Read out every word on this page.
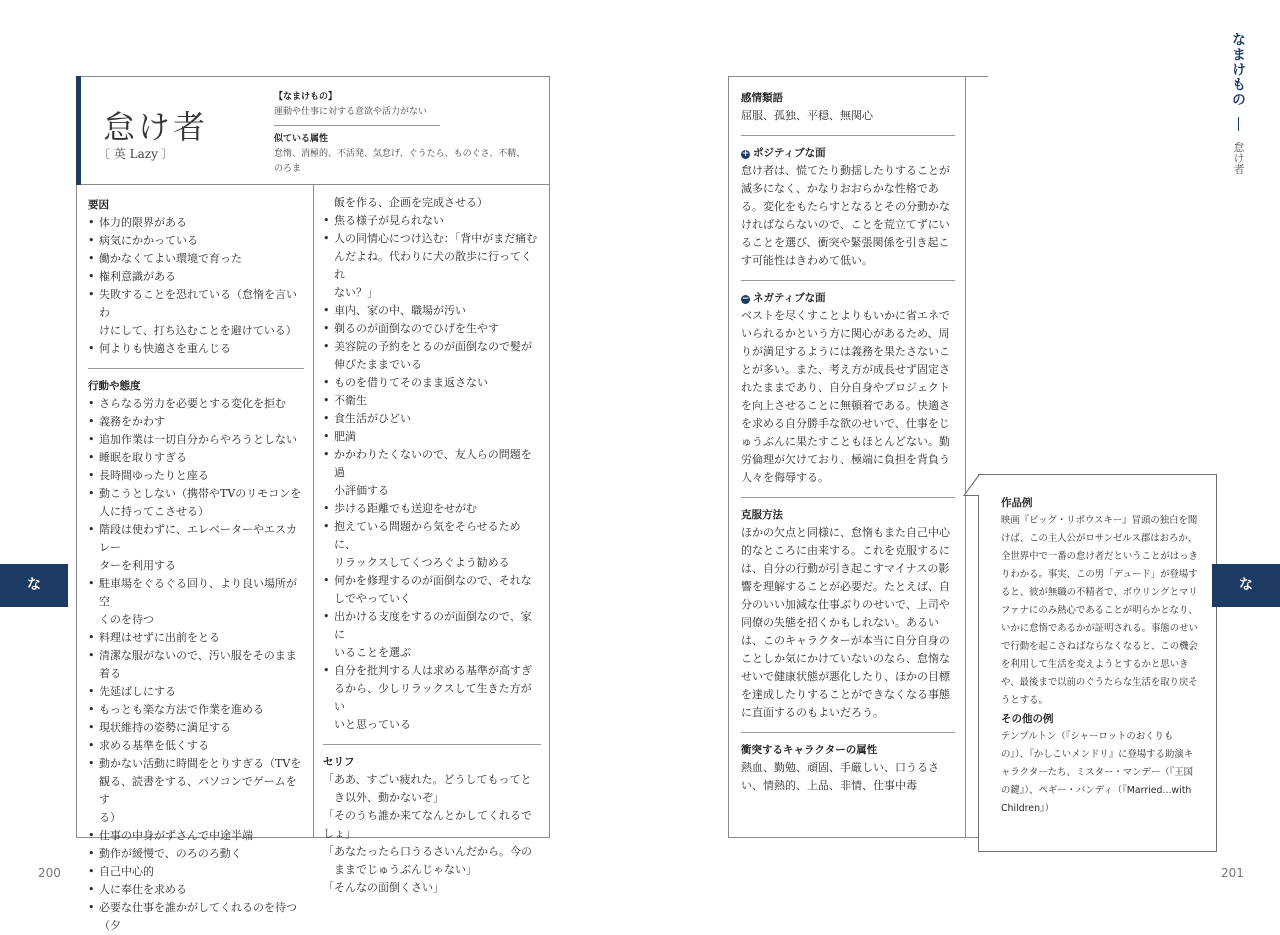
怠け者
〔 英 Lazy 〕
【なまけもの】
運動や仕事に対する意欲や活力がない
似ている属性
怠惰、消極的、不活発、気怠げ、ぐうたら、ものぐさ、不精、
のろま
要因
• 体力的限界がある
• 病気にかかっている
• 働かなくてよい環境で育った
• 権利意識がある
• 失敗することを恐れている（怠惰を言いわ
けにして、打ち込むことを避けている）
• 何よりも快適さを重んじる
行動や態度
• さらなる労力を必要とする変化を拒む
• 義務をかわす
• 追加作業は一切自分からやろうとしない
• 睡眠を取りすぎる
• 長時間ゆったりと座る
• 動こうとしない（携帯やTVのリモコンを
人に持ってこさせる）
• 階段は使わずに、エレベーターやエスカレー
ターを利用する
• 駐車場をぐるぐる回り、より良い場所が空
くのを待つ
• 料理はせずに出前をとる
• 清潔な服がないので、汚い服をそのまま着る
• 先延ばしにする
• もっとも楽な方法で作業を進める
• 現状維持の姿勢に満足する
• 求める基準を低くする
• 動かない活動に時間をとりすぎる（TVを
観る、読書をする、パソコンでゲームをす
る）
• 仕事の中身がずさんで中途半端
• 動作が緩慢で、のろのろ動く
• 自己中心的
• 人に奉仕を求める
• 必要な仕事を誰かがしてくれるのを待つ（夕
飯を作る、企画を完成させる）
• 焦る様子が見られない
• 人の同情心につけ込む：「背中がまだ痛む
んだよね。代わりに犬の散歩に行ってくれ
ない？」
• 車内、家の中、職場が汚い
• 剃るのが面倒なのでひげを生やす
• 美容院の予約をとるのが面倒なので髪が
伸びたままでいる
• ものを借りてそのまま返さない
• 不衛生
• 食生活がひどい
• 肥満
• かかわりたくないので、友人らの問題を過
小評価する
• 歩ける距離でも送迎をせがむ
• 抱えている問題から気をそらせるために、
リラックスしてくつろぐよう勧める
• 何かを修理するのが面倒なので、それな
しでやっていく
• 出かける支度をするのが面倒なので、家に
いることを選ぶ
• 自分を批判する人は求める基準が高すぎ
るから、少しリラックスして生きた方がい
いと思っている
セリフ
「ああ、すごい疲れた。どうしてもってと
き以外、動かないぞ」
「そのうち誰か来てなんとかしてくれるでしょ」
「あなたったら口うるさいんだから。今の
ままでじゅうぶんじゃない」
「そんなの面倒くさい」
な
200
感情類語

屈服、孤独、平穏、無関心

+ ポジティブな面

怠け者は、慌てたり動揺したりすることが滅多になく、かなりおおらかな性格である。変化をもたらすとなるとその分動かなければならないので、ことを荒立てずにいることを選び、衝突や緊張関係を引き起こす可能性はきわめて低い。

− ネガティブな面

ベストを尽くすことよりもいかに省エネでいられるかという方に関心があるため、周りが満足するようには義務を果たさないことが多い。また、考え方が成長せず固定されたままであり、自分自身やプロジェクトを向上させることに無頓着である。快適さを求める自分勝手な欲のせいで、仕事をじゅうぶんに果たすこともほとんどない。勤労倫理が欠けており、極端に負担を背負う人々を侮辱する。

克服方法

ほかの欠点と同様に、怠惰もまた自己中心的なところに由来する。これを克服するには、自分の行動が引き起こすマイナスの影響を理解することが必要だ。たとえば、自分のいい加減な仕事ぶりのせいで、上司や同僚の失態を招くかもしれない。あるいは、このキャラクターが本当に自分自身のことしか気にかけていないのなら、怠惰なせいで健康状態が悪化したり、ほかの目標を達成したりすることができなくなる事態に直面するのもよいだろう。

衝突するキャラクターの属性

熱血、勤勉、頑固、手厳しい、口うるさい、情熱的、上品、非情、仕事中毒

作品例

映画『ビッグ・リボウスキー』冒頭の独白を聞けば、この主人公がロサンゼルス郡はおろか、全世界中で一番の怠け者だということがはっきりわかる。事実、この男「デュード」が登場すると、彼が無職の不精者で、ボウリングとマリファナにのみ熱心であることが明らかとなり、いかに怠惰であるかが証明される。事態のせいで行動を起こさねばならなくなると、この機会を利用して生活を変えようとするかと思いきや、最後まで以前のぐうたらな生活を取り戻そうとする。

その他の例

テンプルトン（『シャーロットのおくりもの』）、『かしこいメンドリ』に登場する助演キャラクターたち、ミスター・マンデー（『王国の鍵』）、ペギー・バンディ（『Married...with Children』）

なまけもの  怠け者
な
201
